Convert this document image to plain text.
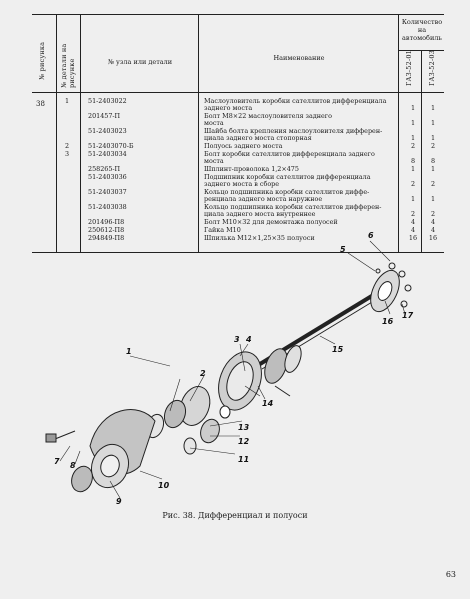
№ рисунка № детали на рисунке	№ узла или детали	Наименование
Количество на автомобиль
ГАЗ-52-01 ГАЗ-52-03
38	1	51-2403022	Маслоуловитель коробки сателлитов дифференциала
заднего моста	1	1
201457-П	Болт М8×22 маслоуловителя заднего
моста	1	1
51-2403023	Шайба болта крепления маслоуловителя дифферен-
циала заднего моста стопорная	1	1
2	51-2403070-Б	Полуось заднего моста	2	2
3	51-2403034	Болт коробки сателлитов дифференциала заднего
моста	8	8
258265-П	Шплинт-проволока 1,2×475	1	1
51-2403036	Подшипник коробки сателлитов дифференциала
заднего моста в сборе	2	2
51-2403037	Кольцо подшипника коробки сателлитов диффе-
ренциала заднего моста наружное	1	1
51-2403038	Кольцо подшипника коробки сателлитов дифферен-
циала заднего моста внутреннее	2	2
201496-П8	Болт М10×32 для демонтажа полуосей	4	4
250612-П8	Гайка М10	4	4
294849-П8	Шпилька М12×1,25×35 полуоси	16	16
1
2
3 4
5
6
7 8
9
10
11
12
13
14
15
16
17
Рис. 38. Дифференциал и полуоси
63
